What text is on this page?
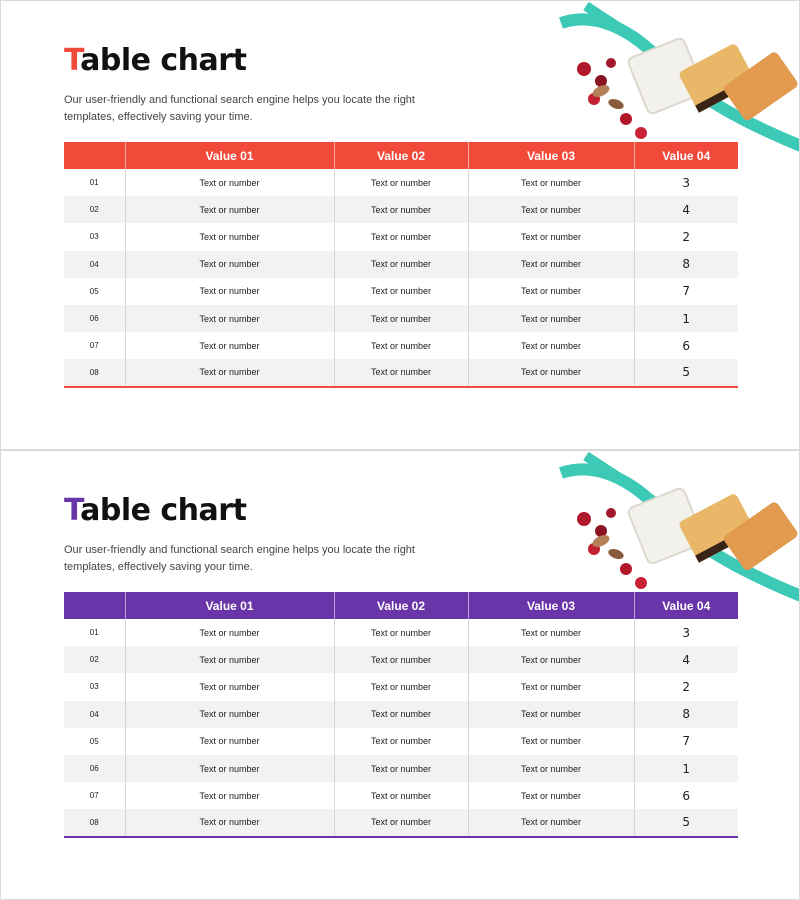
Table chart
Our user-friendly and functional search engine helps you locate the right templates, effectively saving your time.
	Value 01	Value 02	Value 03	Value 04
01	Text or number	Text or number	Text or number	3
02	Text or number	Text or number	Text or number	4
03	Text or number	Text or number	Text or number	2
04	Text or number	Text or number	Text or number	8
05	Text or number	Text or number	Text or number	7
06	Text or number	Text or number	Text or number	1
07	Text or number	Text or number	Text or number	6
08	Text or number	Text or number	Text or number	5
Table chart
Our user-friendly and functional search engine helps you locate the right templates, effectively saving your time.
	Value 01	Value 02	Value 03	Value 04
01	Text or number	Text or number	Text or number	3
02	Text or number	Text or number	Text or number	4
03	Text or number	Text or number	Text or number	2
04	Text or number	Text or number	Text or number	8
05	Text or number	Text or number	Text or number	7
06	Text or number	Text or number	Text or number	1
07	Text or number	Text or number	Text or number	6
08	Text or number	Text or number	Text or number	5
